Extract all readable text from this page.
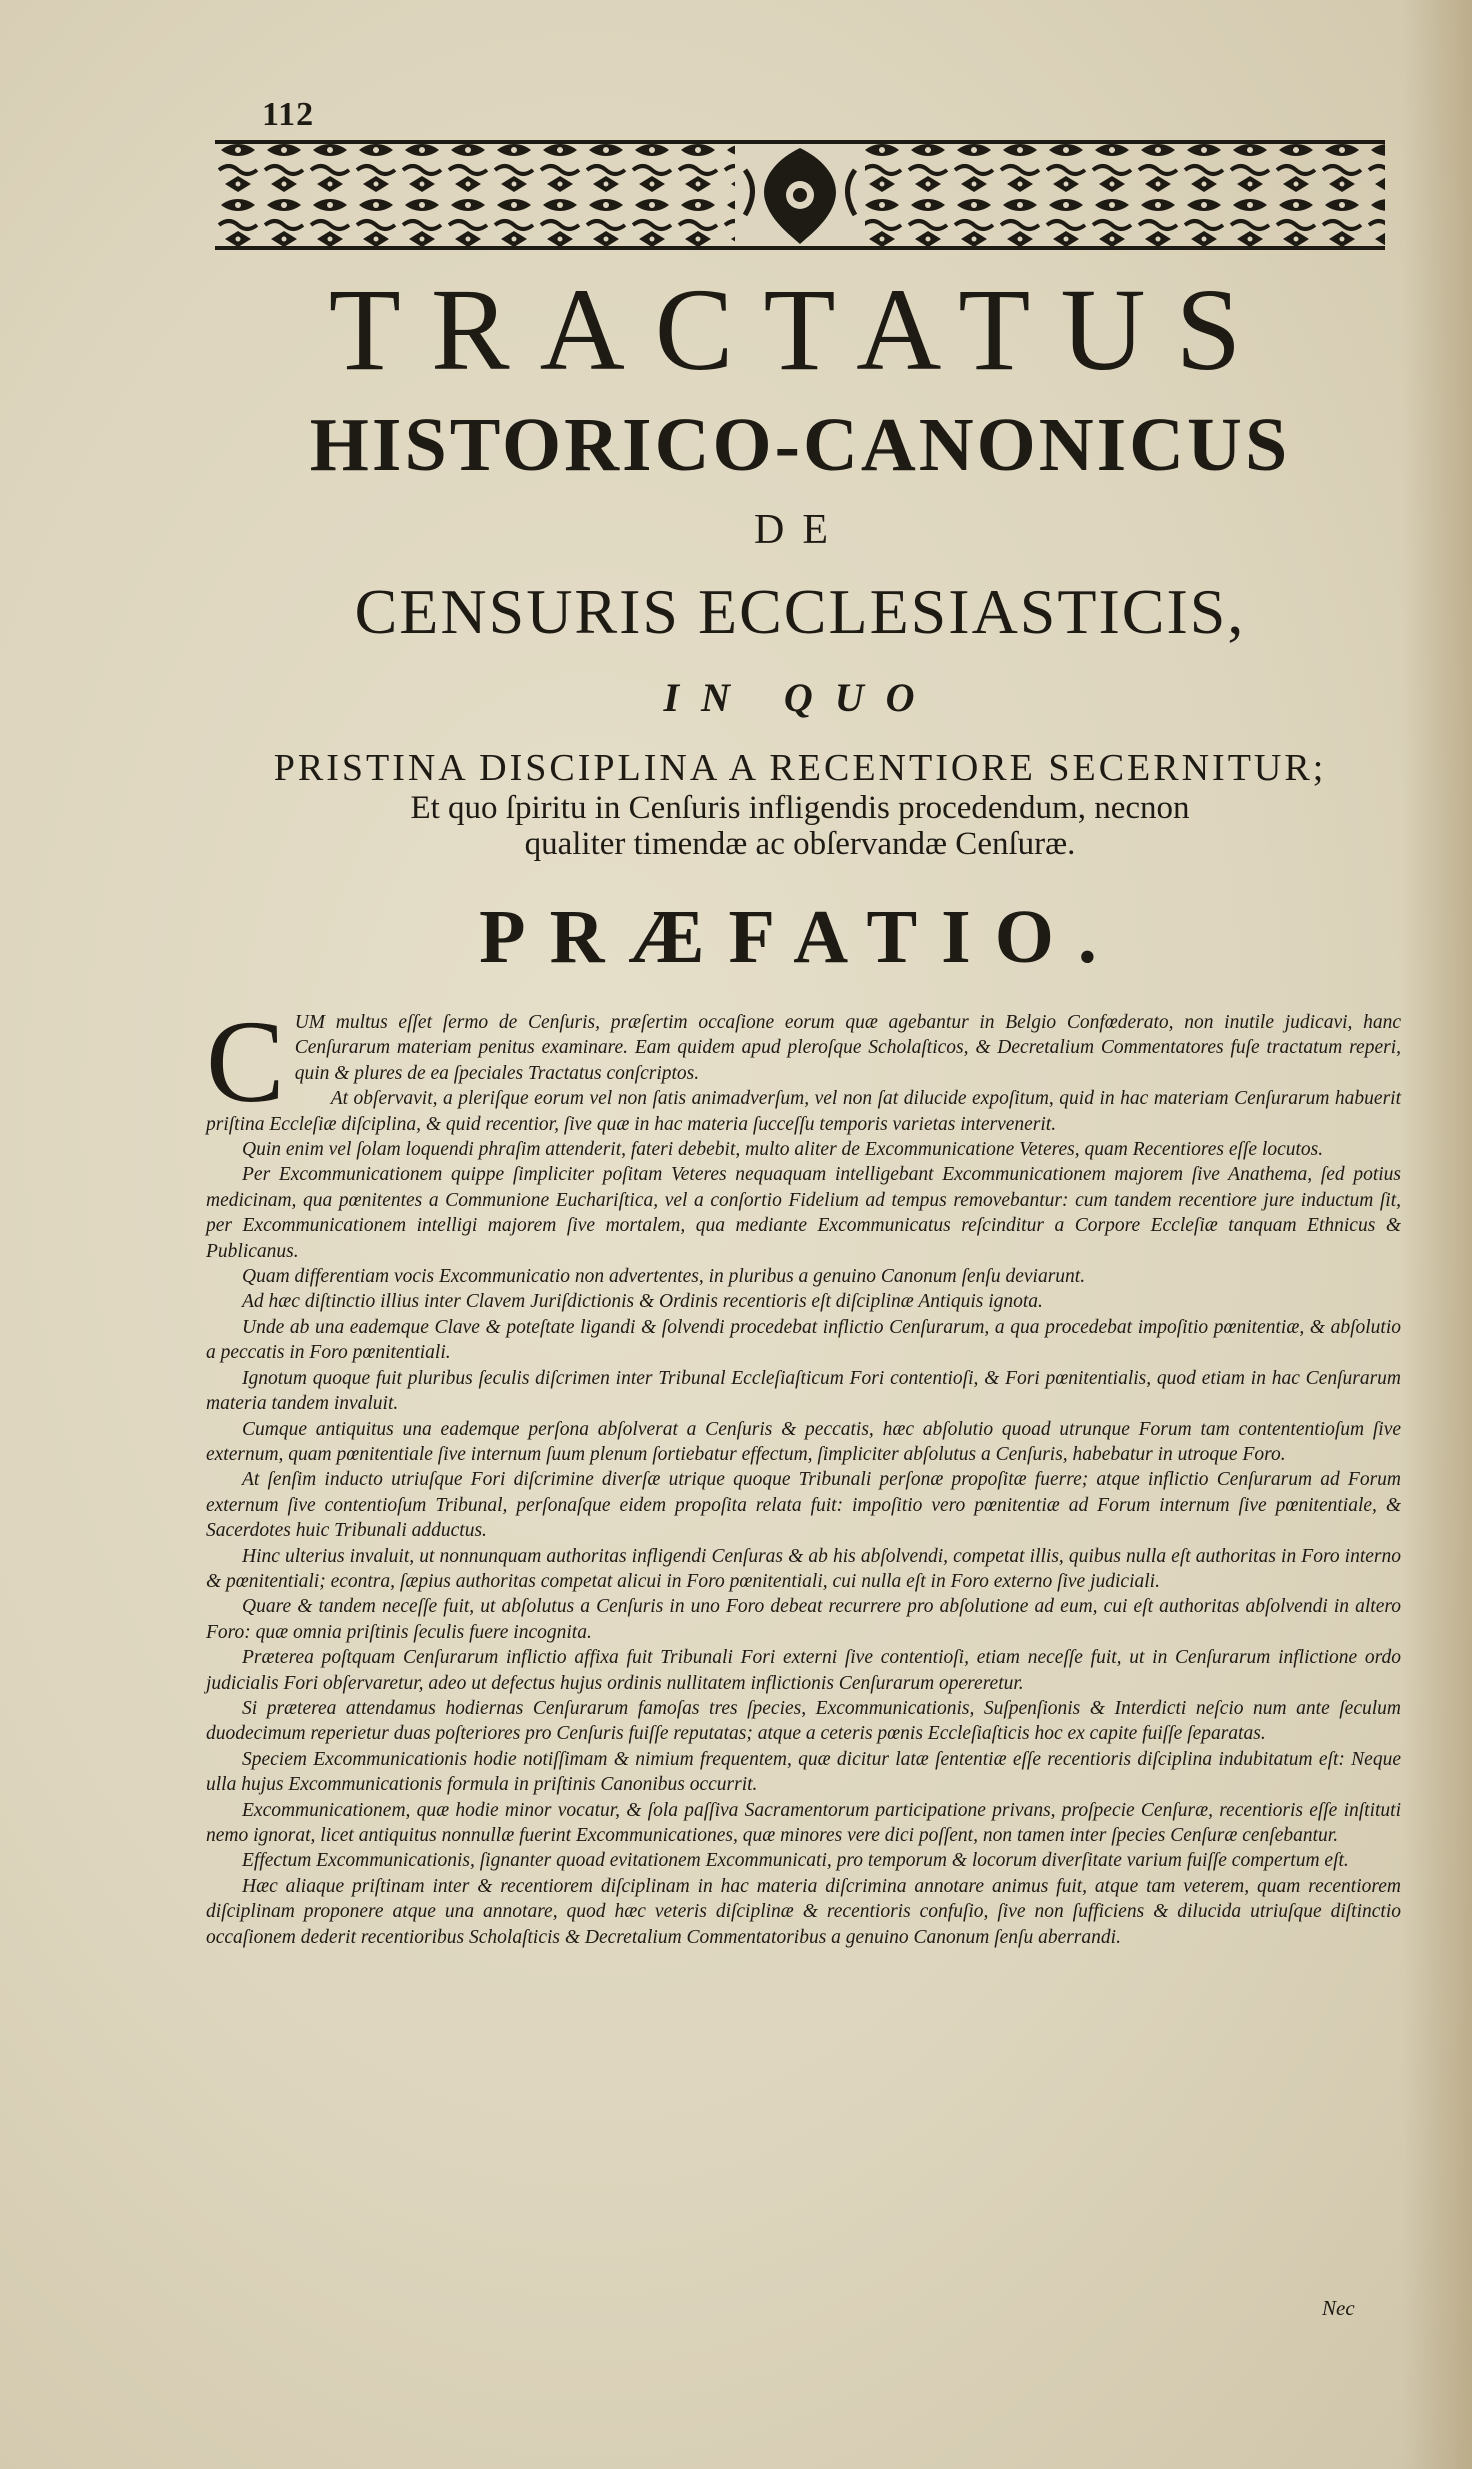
112
TRACTATUS
HISTORICO-CANONICUS
DE
CENSURIS ECCLESIASTICIS,
IN QUO
PRISTINA DISCIPLINA A RECENTIORE SECERNITUR;
Et quo ſpiritu in Cenſuris infligendis procedendum, necnon
qualiter timendæ ac obſervandæ Cenſuræ.
PRÆFATIO.

CUM multus eſſet ſermo de Cenſuris, præſertim occaſione eorum quæ agebantur in Belgio Confœderato, non inutile judicavi, hanc Cenſurarum materiam penitus examinare. Eam quidem apud pleroſque Scholaſticos, & Decretalium Commentatores fuſe tractatum reperi, quin & plures de ea ſpeciales Tractatus conſcriptos.

At obſervavit, a pleriſque eorum vel non ſatis animadverſum, vel non ſat dilucide expoſitum, quid in hac materiam Cenſurarum habuerit priſtina Eccleſiæ diſciplina, & quid recentior, ſive quæ in hac materia ſucceſſu temporis varietas intervenerit.

Quin enim vel ſolam loquendi phraſim attenderit, fateri debebit, multo aliter de Excommunicatione Veteres, quam Recentiores eſſe locutos.

Per Excommunicationem quippe ſimpliciter poſitam Veteres nequaquam intelligebant Excommunicationem majorem ſive Anathema, ſed potius medicinam, qua pœnitentes a Communione Euchariſtica, vel a conſortio Fidelium ad tempus removebantur: cum tandem recentiore jure inductum ſit, per Excommunicationem intelligi majorem ſive mortalem, qua mediante Excommunicatus reſcinditur a Corpore Eccleſiæ tanquam Ethnicus & Publicanus.

Quam differentiam vocis Excommunicatio non advertentes, in pluribus a genuino Canonum ſenſu deviarunt.

Ad hæc diſtinctio illius inter Clavem Juriſdictionis & Ordinis recentioris eſt diſciplinæ Antiquis ignota.

Unde ab una eademque Clave & poteſtate ligandi & ſolvendi procedebat inflictio Cenſurarum, a qua procedebat impoſitio pœnitentiæ, & abſolutio a peccatis in Foro pœnitentiali.

Ignotum quoque fuit pluribus ſeculis diſcrimen inter Tribunal Eccleſiaſticum Fori contentioſi, & Fori pœnitentialis, quod etiam in hac Cenſurarum materia tandem invaluit.

Cumque antiquitus una eademque perſona abſolverat a Cenſuris & peccatis, hæc abſolutio quoad utrunque Forum tam contententioſum ſive externum, quam pœnitentiale ſive internum ſuum plenum ſortiebatur effectum, ſimpliciter abſolutus a Cenſuris, habebatur in utroque Foro.

At ſenſim inducto utriuſque Fori diſcrimine diverſæ utrique quoque Tribunali perſonæ propoſitæ fuerre; atque inflictio Cenſurarum ad Forum externum ſive contentioſum Tribunal, perſonaſque eidem propoſita relata fuit: impoſitio vero pœnitentiæ ad Forum internum ſive pœnitentiale, & Sacerdotes huic Tribunali adductus.

Hinc ulterius invaluit, ut nonnunquam authoritas infligendi Cenſuras & ab his abſolvendi, competat illis, quibus nulla eſt authoritas in Foro interno & pœnitentiali; econtra, ſæpius authoritas competat alicui in Foro pœnitentiali, cui nulla eſt in Foro externo ſive judiciali.

Quare & tandem neceſſe fuit, ut abſolutus a Cenſuris in uno Foro debeat recurrere pro abſolutione ad eum, cui eſt authoritas abſolvendi in altero Foro: quæ omnia priſtinis ſeculis fuere incognita.

Præterea poſtquam Cenſurarum inflictio affixa fuit Tribunali Fori externi ſive contentioſi, etiam neceſſe fuit, ut in Cenſurarum inflictione ordo judicialis Fori obſervaretur, adeo ut defectus hujus ordinis nullitatem inflictionis Cenſurarum opereretur.

Si præterea attendamus hodiernas Cenſurarum famoſas tres ſpecies, Excommunicationis, Suſpenſionis & Interdicti neſcio num ante ſeculum duodecimum reperietur duas poſteriores pro Cenſuris fuiſſe reputatas; atque a ceteris pœnis Eccleſiaſticis hoc ex capite fuiſſe ſeparatas.

Speciem Excommunicationis hodie notiſſimam & nimium frequentem, quæ dicitur latæ ſententiæ eſſe recentioris diſciplina indubitatum eſt: Neque ulla hujus Excommunicationis formula in priſtinis Canonibus occurrit.

Excommunicationem, quæ hodie minor vocatur, & ſola paſſiva Sacramentorum participatione privans, proſpecie Cenſuræ, recentioris eſſe inſtituti nemo ignorat, licet antiquitus nonnullæ fuerint Excommunicationes, quæ minores vere dici poſſent, non tamen inter ſpecies Cenſuræ cenſebantur.

Effectum Excommunicationis, ſignanter quoad evitationem Excommunicati, pro temporum & locorum diverſitate varium fuiſſe compertum eſt.

Hæc aliaque priſtinam inter & recentiorem diſciplinam in hac materia diſcrimina annotare animus fuit, atque tam veterem, quam recentiorem diſciplinam proponere atque una annotare, quod hæc veteris diſciplinæ & recentioris confuſio, ſive non ſufficiens & dilucida utriuſque diſtinctio occaſionem dederit recentioribus Scholaſticis & Decretalium Commentatoribus a genuino Canonum ſenſu aberrandi.

Nec
